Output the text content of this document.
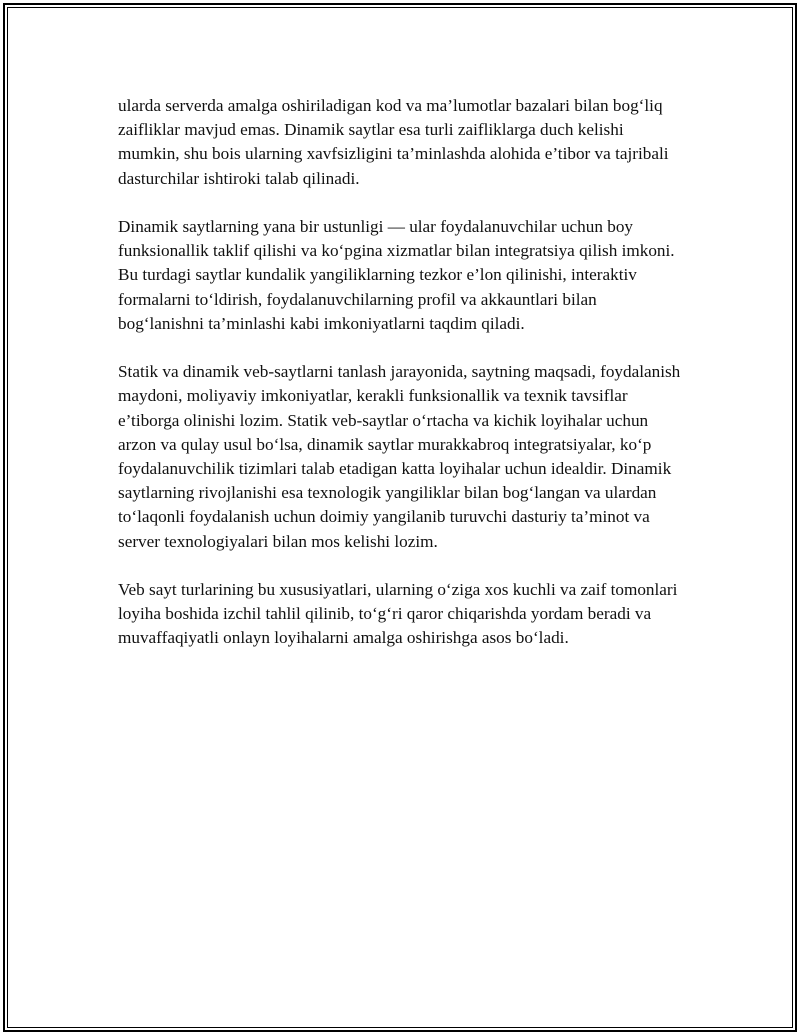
ularda serverda amalga oshiriladigan kod va ma’lumotlar bazalari bilan bog‘liq zaifliklar mavjud emas. Dinamik saytlar esa turli zaifliklarga duch kelishi mumkin, shu bois ularning xavfsizligini ta’minlashda alohida e’tibor va tajribali dasturchilar ishtiroki talab qilinadi.

Dinamik saytlarning yana bir ustunligi — ular foydalanuvchilar uchun boy funksionallik taklif qilishi va ko‘pgina xizmatlar bilan integratsiya qilish imkoni. Bu turdagi saytlar kundalik yangiliklarning tezkor e’lon qilinishi, interaktiv formalarni to‘ldirish, foydalanuvchilarning profil va akkauntlari bilan bog‘lanishni ta’minlashi kabi imkoniyatlarni taqdim qiladi.

Statik va dinamik veb-saytlarni tanlash jarayonida, saytning maqsadi, foydalanish maydoni, moliyaviy imkoniyatlar, kerakli funksionallik va texnik tavsiflar e’tiborga olinishi lozim. Statik veb-saytlar o‘rtacha va kichik loyihalar uchun arzon va qulay usul bo‘lsa, dinamik saytlar murakkabroq integratsiyalar, ko‘p foydalanuvchilik tizimlari talab etadigan katta loyihalar uchun idealdir. Dinamik saytlarning rivojlanishi esa texnologik yangiliklar bilan bog‘langan va ulardan to‘laqonli foydalanish uchun doimiy yangilanib turuvchi dasturiy ta’minot va server texnologiyalari bilan mos kelishi lozim.

Veb sayt turlarining bu xususiyatlari, ularning o‘ziga xos kuchli va zaif tomonlari loyiha boshida izchil tahlil qilinib, to‘g‘ri qaror chiqarishda yordam beradi va muvaffaqiyatli onlayn loyihalarni amalga oshirishga asos bo‘ladi.
